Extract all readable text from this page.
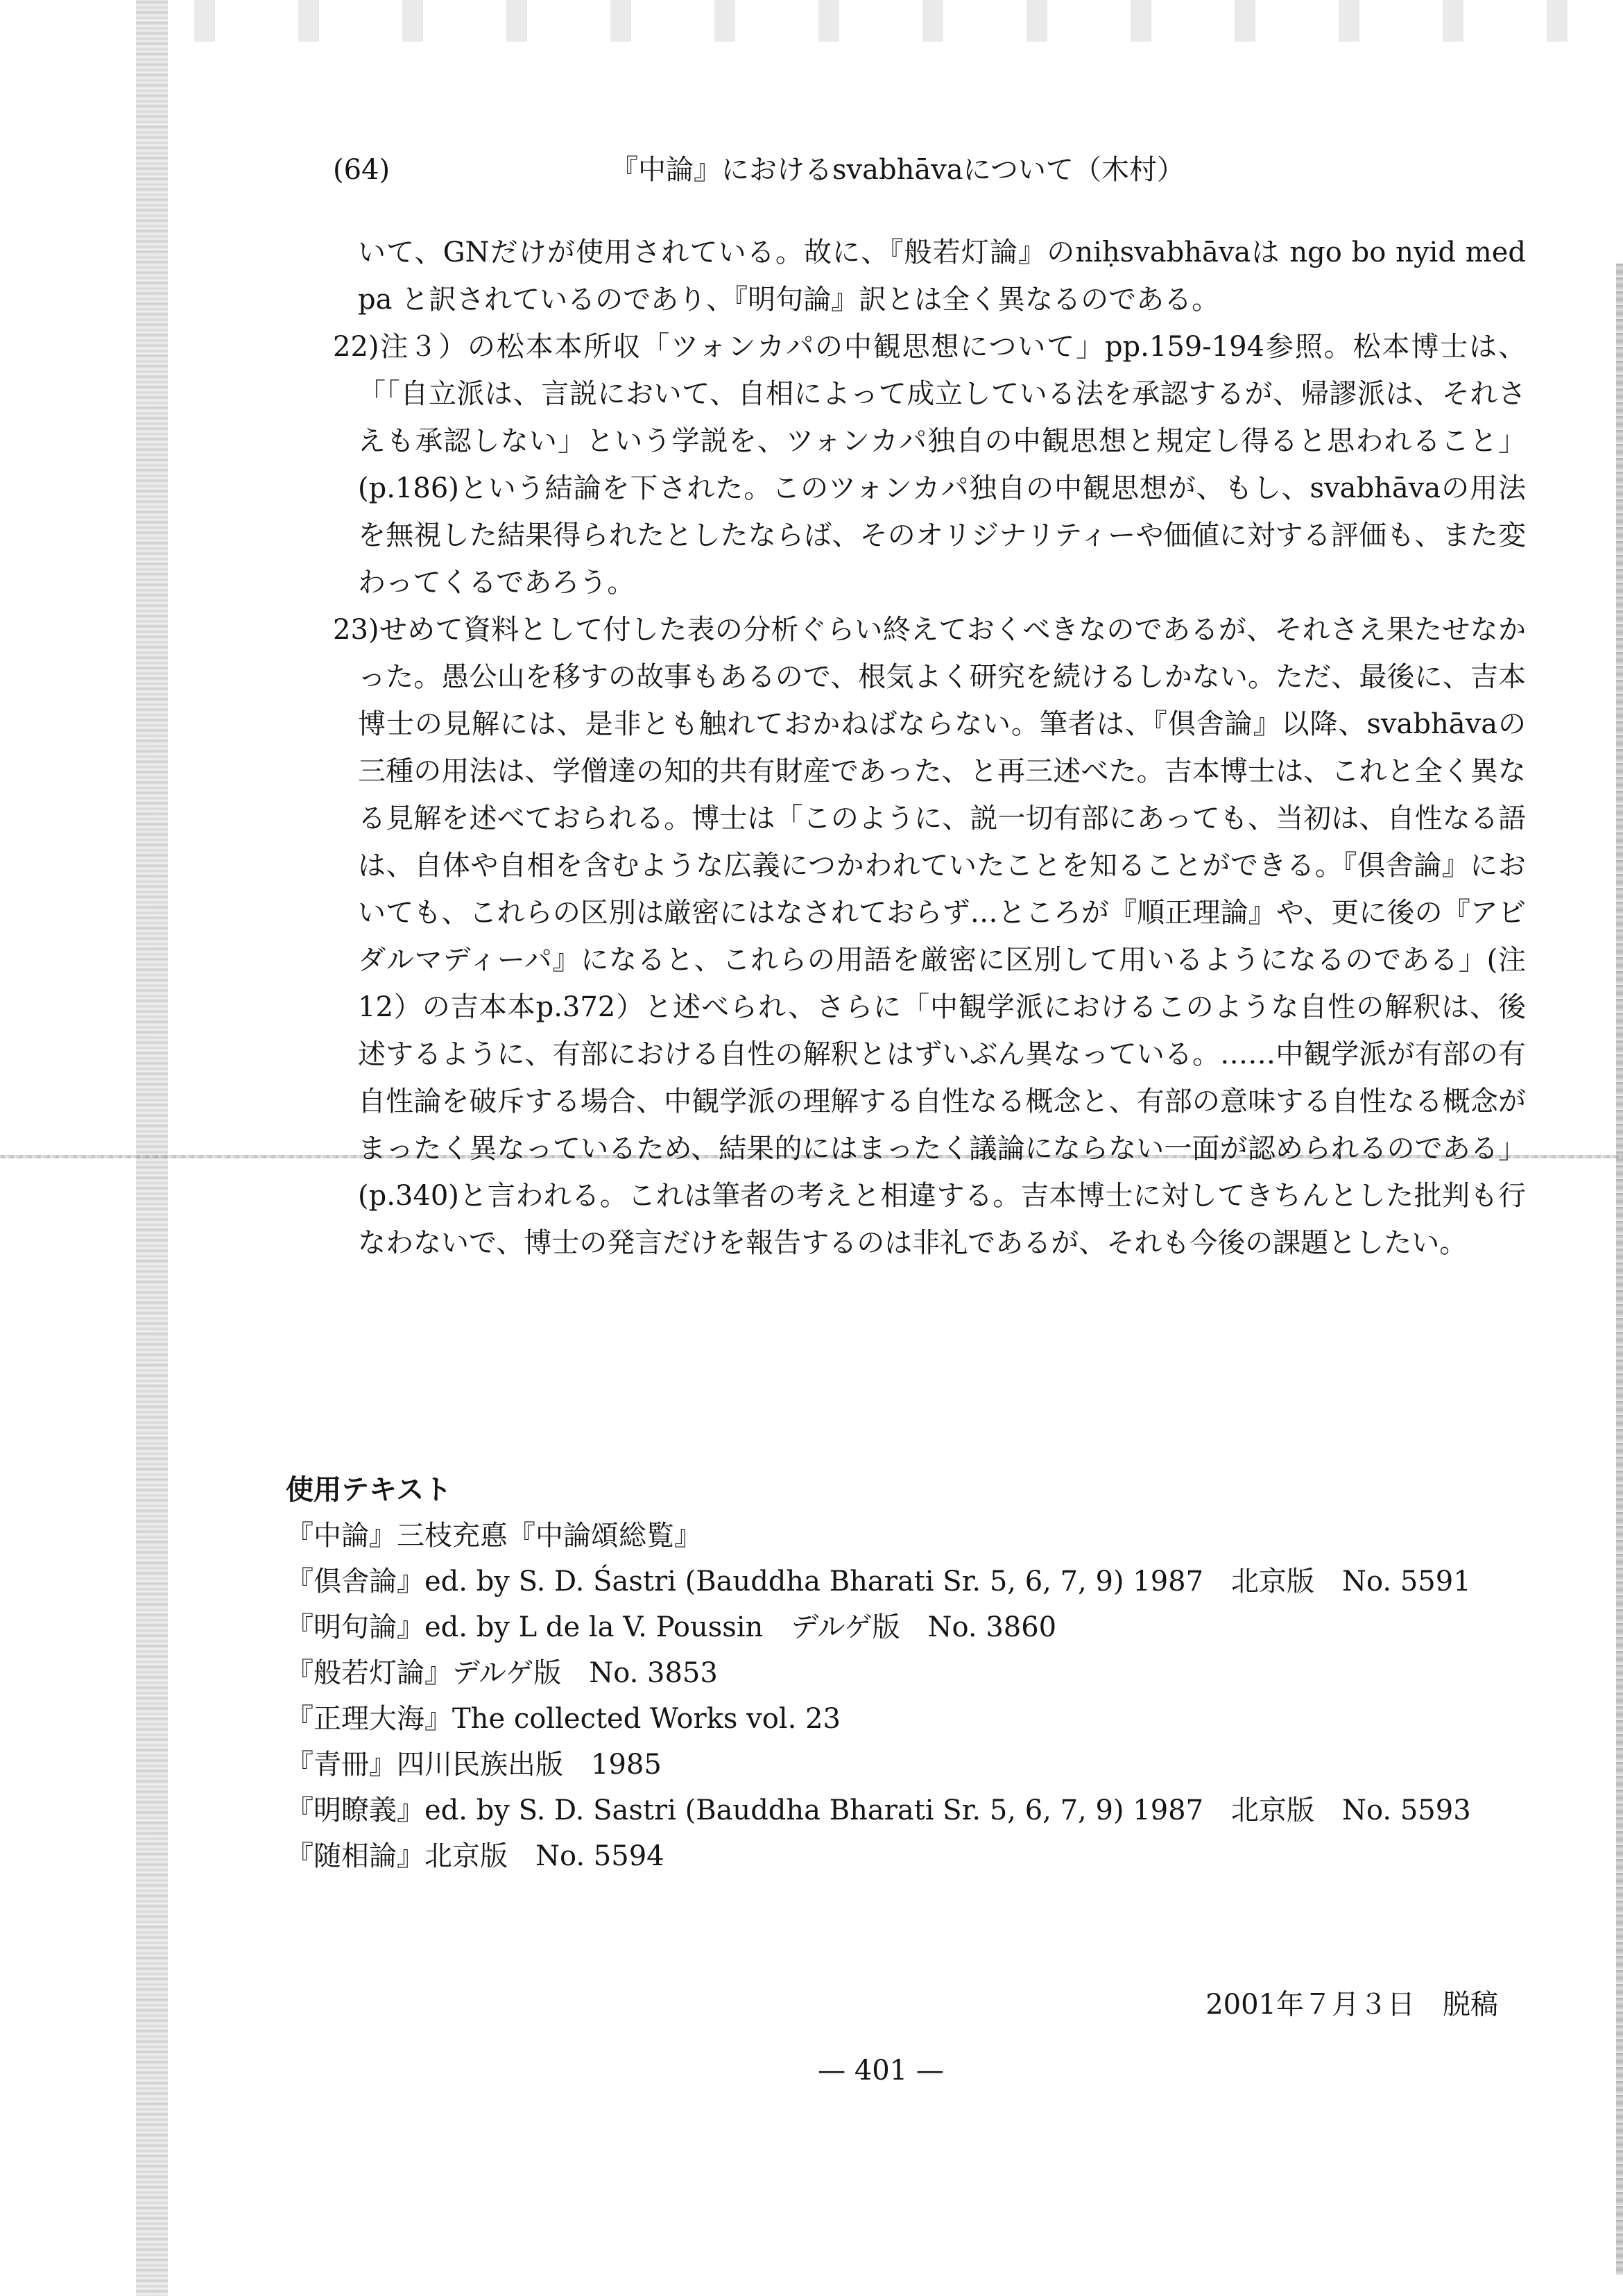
(64)	『中論』におけるsvabhāvaについて（木村）

いて、GNだけが使用されている。故に、『般若灯論』のniḥsvabhāvaは ngo bo nyid med pa と訳されているのであり、『明句論』訳とは全く異なるのである。

22)注３）の松本本所収「ツォンカパの中観思想について」pp.159-194参照。松本博士は、「「自立派は、言説において、自相によって成立している法を承認するが、帰謬派は、それさえも承認しない」という学説を、ツォンカパ独自の中観思想と規定し得ると思われること」(p.186)という結論を下された。このツォンカパ独自の中観思想が、もし、svabhāvaの用法を無視した結果得られたとしたならば、そのオリジナリティーや価値に対する評価も、また変わってくるであろう。

23)せめて資料として付した表の分析ぐらい終えておくべきなのであるが、それさえ果たせなかった。愚公山を移すの故事もあるので、根気よく研究を続けるしかない。ただ、最後に、吉本博士の見解には、是非とも触れておかねばならない。筆者は、『倶舎論』以降、svabhāvaの三種の用法は、学僧達の知的共有財産であった、と再三述べた。吉本博士は、これと全く異なる見解を述べておられる。博士は「このように、説一切有部にあっても、当初は、自性なる語は、自体や自相を含むような広義につかわれていたことを知ることができる。『倶舎論』においても、これらの区別は厳密にはなされておらず…ところが『順正理論』や、更に後の『アビダルマディーパ』になると、これらの用語を厳密に区別して用いるようになるのである」(注12）の吉本本p.372）と述べられ、さらに「中観学派におけるこのような自性の解釈は、後述するように、有部における自性の解釈とはずいぶん異なっている。……中観学派が有部の有自性論を破斥する場合、中観学派の理解する自性なる概念と、有部の意味する自性なる概念がまったく異なっているため、結果的にはまったく議論にならない一面が認められるのである」(p.340)と言われる。これは筆者の考えと相違する。吉本博士に対してきちんとした批判も行なわないで、博士の発言だけを報告するのは非礼であるが、それも今後の課題としたい。

使用テキスト
『中論』三枝充悳『中論頌総覧』
『倶舎論』ed. by S. D. Śastri (Bauddha Bharati Sr. 5, 6, 7, 9) 1987　北京版　No. 5591
『明句論』ed. by L de la V. Poussin　デルゲ版　No. 3860
『般若灯論』デルゲ版　No. 3853
『正理大海』The collected Works vol. 23
『青冊』四川民族出版　1985
『明瞭義』ed. by S. D. Sastri (Bauddha Bharati Sr. 5, 6, 7, 9) 1987　北京版　No. 5593
『随相論』北京版　No. 5594
2001年７月３日　脱稿
— 401 —
